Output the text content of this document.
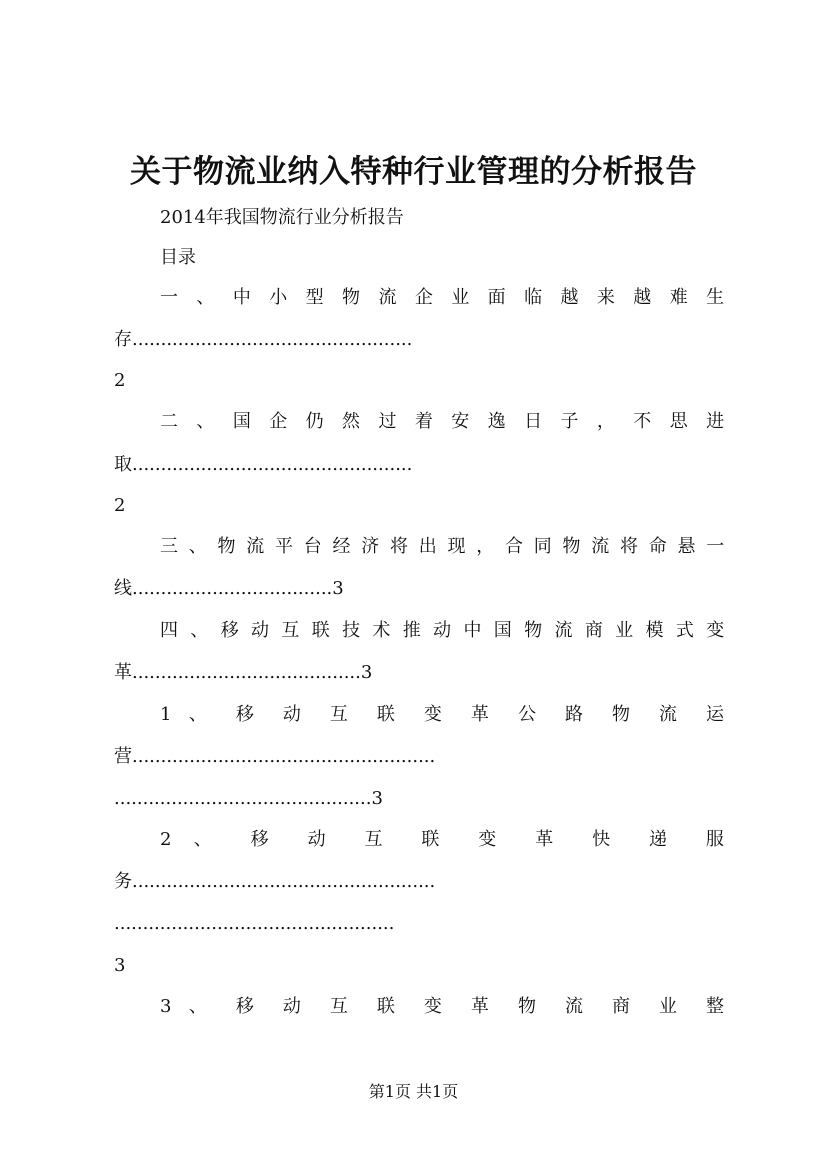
关于物流业纳入特种行业管理的分析报告
2014年我国物流行业分析报告
目录
一 、 中 小 型 物 流 企 业 面 临 越 来 越 难 生
存.................................................
2
二 、 国 企 仍 然 过 着 安 逸 日 子 ， 不 思 进
取.................................................
2
三 、 物 流 平 台 经 济 将 出 现 ， 合 同 物 流 将 命 悬 一
线...................................3
四 、 移 动 互 联 技 术 推 动 中 国 物 流 商 业 模 式 变
革........................................3
1 、 移 动 互 联 变 革 公 路 物 流 运
营.....................................................
.............................................3
2 、 移 动 互 联 变 革 快 递 服
务.....................................................
.................................................
3
3 、 移 动 互 联 变 革 物 流 商 业 整
第1页 共1页
